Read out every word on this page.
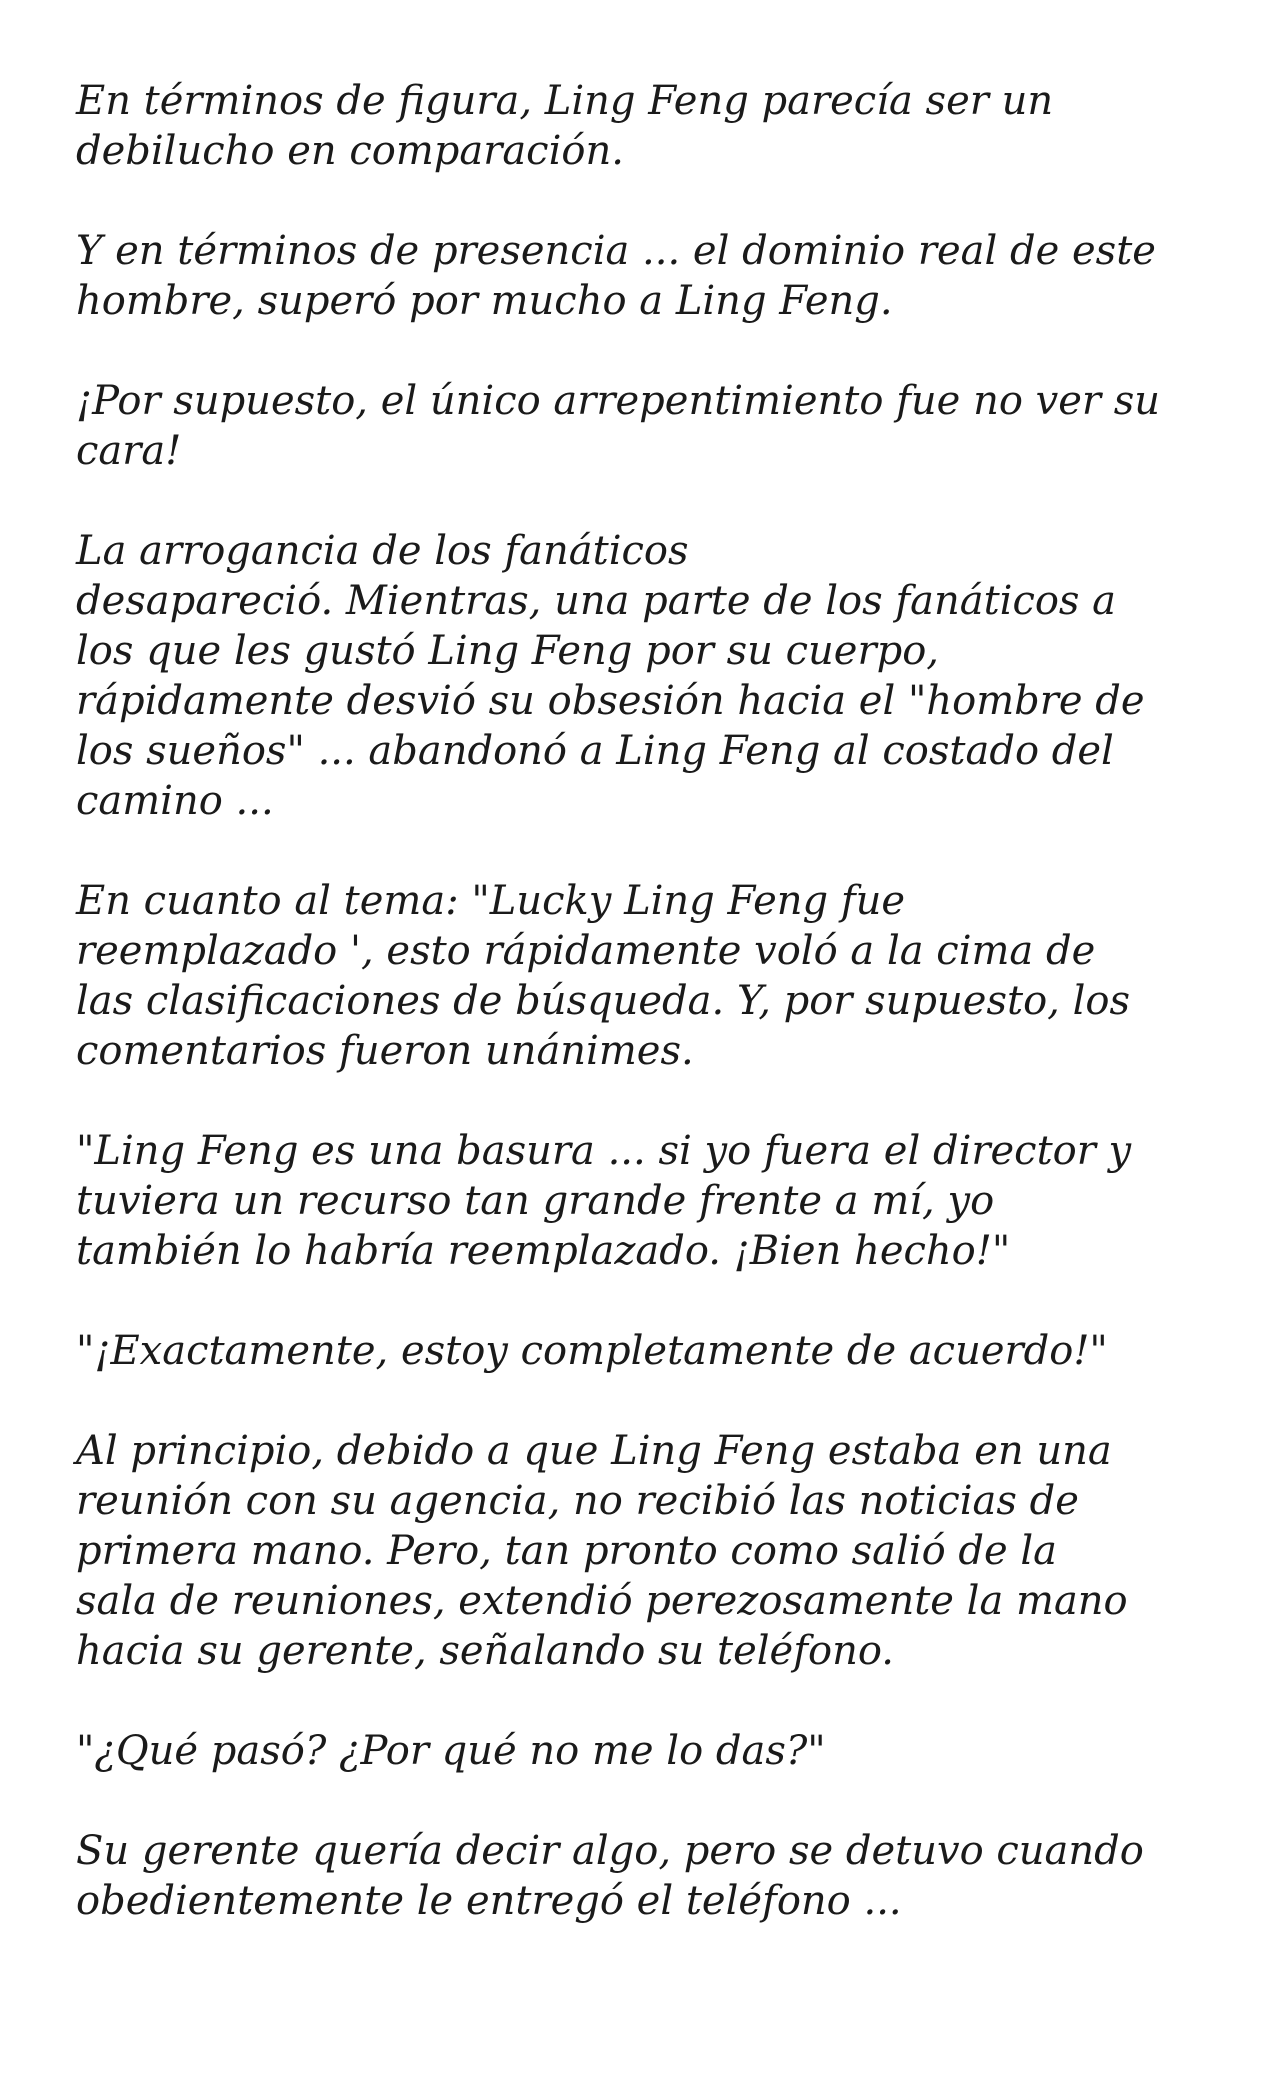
En términos de figura, Ling Feng parecía ser un
debilucho en comparación.

Y en términos de presencia ... el dominio real de este
hombre, superó por mucho a Ling Feng.

¡Por supuesto, el único arrepentimiento fue no ver su
cara!

La arrogancia de los fanáticos
desapareció. Mientras, una parte de los fanáticos a
los que les gustó Ling Feng por su cuerpo,
rápidamente desvió su obsesión hacia el "hombre de
los sueños" ... abandonó a Ling Feng al costado del
camino ...

En cuanto al tema: "Lucky Ling Feng fue
reemplazado ', esto rápidamente voló a la cima de
las clasificaciones de búsqueda. Y, por supuesto, los
comentarios fueron unánimes.

"Ling Feng es una basura ... si yo fuera el director y
tuviera un recurso tan grande frente a mí, yo
también lo habría reemplazado. ¡Bien hecho!"

"¡Exactamente, estoy completamente de acuerdo!"

Al principio, debido a que Ling Feng estaba en una
reunión con su agencia, no recibió las noticias de
primera mano. Pero, tan pronto como salió de la
sala de reuniones, extendió perezosamente la mano
hacia su gerente, señalando su teléfono.

"¿Qué pasó? ¿Por qué no me lo das?"

Su gerente quería decir algo, pero se detuvo cuando
obedientemente le entregó el teléfono ...
